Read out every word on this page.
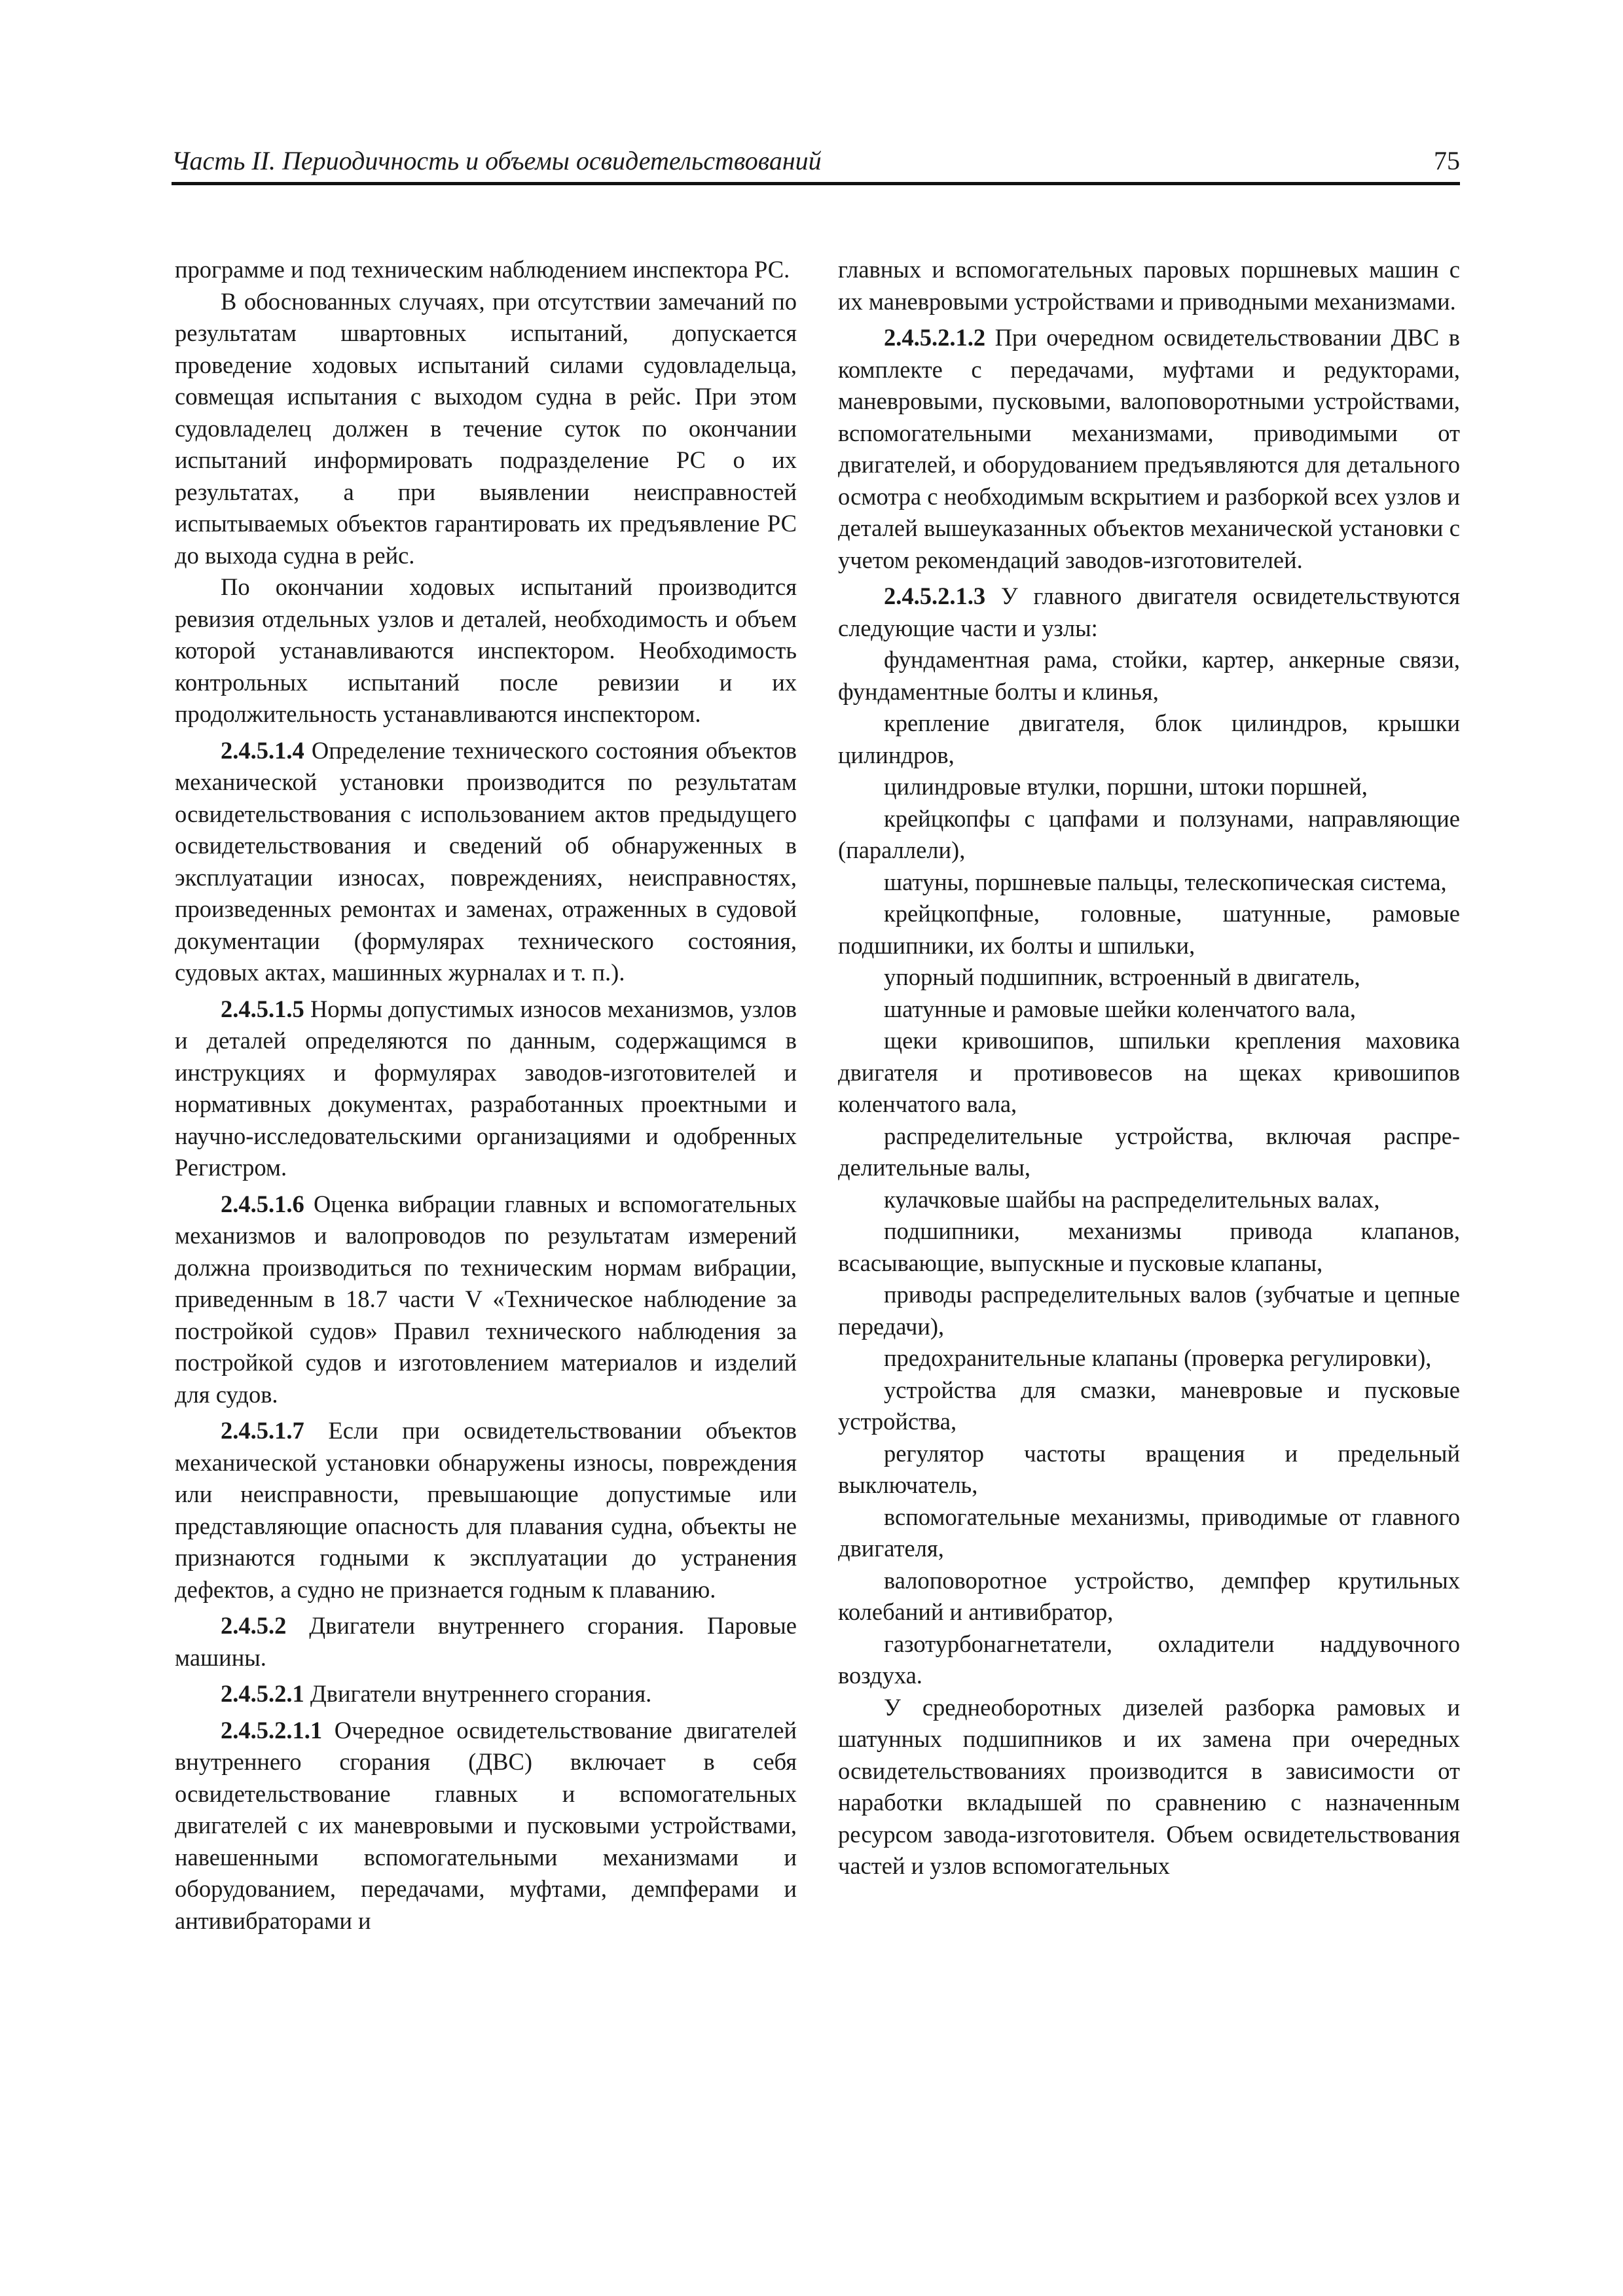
Часть II. Периодичность и объемы освидетельствований	75

программе и под техническим наблюдением инспектора РС.

В обоснованных случаях, при отсутствии замечаний по результатам швартовных испытаний, допускается проведение ходовых испытаний силами судовладельца, совмещая испытания с выходом судна в рейс. При этом судовладелец должен в течение суток по окончании испытаний информировать подразделение РС о их результатах, а при выявлении неисправностей испытываемых объектов гарантировать их предъявление РС до выхода судна в рейс.

По окончании ходовых испытаний производится ревизия отдельных узлов и деталей, необходимость и объем которой устанавливаются инспектором. Необходимость контрольных испытаний после ревизии и их продолжительность устанавливаются инспектором.

2.4.5.1.4 Определение технического состояния объектов механической установки производится по результатам освидетельствования с использованием актов предыдущего освидетельствования и сведений об обнаруженных в эксплуатации износах, повреждениях, неисправностях, произведенных ремонтах и заменах, отраженных в судовой документации (формулярах технического состояния, судовых актах, машинных журналах и т. п.).

2.4.5.1.5 Нормы допустимых износов механизмов, узлов и деталей определяются по данным, содержащимся в инструкциях и формулярах заводов-изготовителей и нормативных документах, разработанных проектными и научно-исследовательскими организациями и одобренных Регистром.

2.4.5.1.6 Оценка вибрации главных и вспомогательных механизмов и валопроводов по результатам измерений должна производиться по техническим нормам вибрации, приведенным в 18.7 части V «Техническое наблюдение за постройкой судов» Правил технического наблюдения за постройкой судов и изготовлением материалов и изделий для судов.

2.4.5.1.7 Если при освидетельствовании объектов механической установки обнаружены износы, повреждения или неисправности, превышающие допустимые или представляющие опасность для плавания судна, объекты не признаются годными к эксплуатации до устранения дефектов, а судно не признается годным к плаванию.

2.4.5.2 Двигатели внутреннего сгорания. Паровые машины.

2.4.5.2.1 Двигатели внутреннего сгорания.

2.4.5.2.1.1 Очередное освидетельствование двигателей внутреннего сгорания (ДВС) включает в себя освидетельствование главных и вспомогательных двигателей с их маневровыми и пусковыми устройствами, навешенными вспомогательными механизмами и оборудованием, передачами, муфтами, демпферами и антивибраторами и

главных и вспомогательных паровых поршневых машин с их маневровыми устройствами и приводными механизмами.

2.4.5.2.1.2 При очередном освидетельствовании ДВС в комплекте с передачами, муфтами и редукторами, маневровыми, пусковыми, валоповоротными устройствами, вспомогательными механизмами, приводимыми от двигателей, и оборудованием предъявляются для детального осмотра с необходимым вскрытием и разборкой всех узлов и деталей вышеуказанных объектов механической установки с учетом рекомендаций заводов-изготовителей.

2.4.5.2.1.3 У главного двигателя освидетельствуются следующие части и узлы:

фундаментная рама, стойки, картер, анкерные связи, фундаментные болты и клинья,

крепление двигателя, блок цилиндров, крышки цилиндров,

цилиндровые втулки, поршни, штоки поршней,

крейцкопфы с цапфами и ползунами, направляющие (параллели),

шатуны, поршневые пальцы, телескопическая система,

крейцкопфные, головные, шатунные, рамовые подшипники, их болты и шпильки,

упорный подшипник, встроенный в двигатель,

шатунные и рамовые шейки коленчатого вала,

щеки кривошипов, шпильки крепления маховика двигателя и противовесов на щеках кривошипов коленчатого вала,

распределительные устройства, включая распределительные валы,

кулачковые шайбы на распределительных валах,

подшипники, механизмы привода клапанов, всасывающие, выпускные и пусковые клапаны,

приводы распределительных валов (зубчатые и цепные передачи),

предохранительные клапаны (проверка регулировки),

устройства для смазки, маневровые и пусковые устройства,

регулятор частоты вращения и предельный выключатель,

вспомогательные механизмы, приводимые от главного двигателя,

валоповоротное устройство, демпфер крутильных колебаний и антивибратор,

газотурбонагнетатели, охладители наддувочного воздуха.

У среднеоборотных дизелей разборка рамовых и шатунных подшипников и их замена при очередных освидетельствованиях производится в зависимости от наработки вкладышей по сравнению с назначенным ресурсом завода-изготовителя. Объем освидетельствования частей и узлов вспомогательных
